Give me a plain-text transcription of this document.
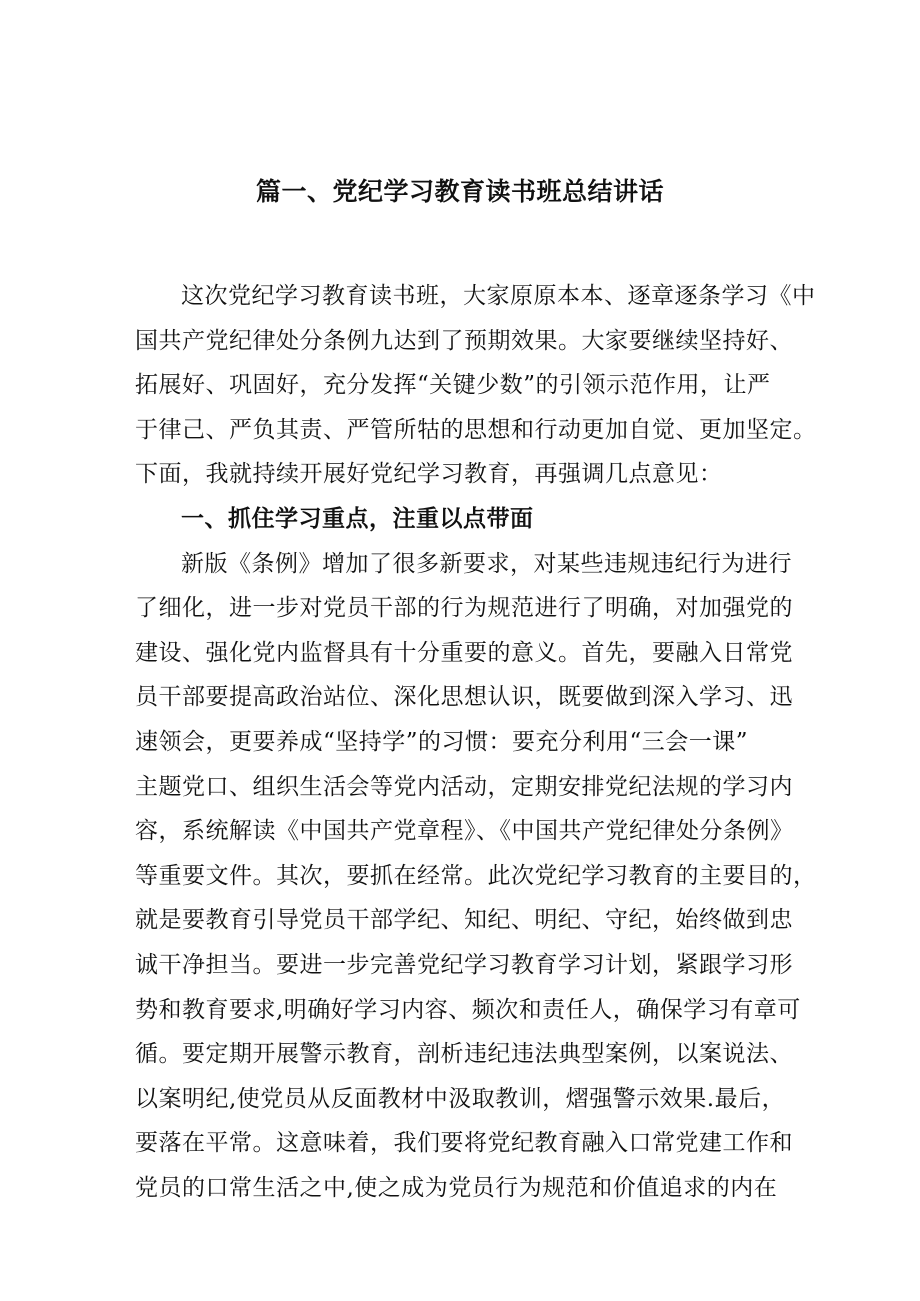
篇一、党纪学习教育读书班总结讲话
这次党纪学习教育读书班，大家原原本本、逐章逐条学习《中
国共产党纪律处分条例九达到了预期效果。大家要继续坚持好、
拓展好、巩固好，充分发挥“关键少数”的引领示范作用，让严
于律己、严负其责、严管所牯的思想和行动更加自觉、更加坚定。
下面，我就持续开展好党纪学习教育，再强调几点意见：
一、抓住学习重点，注重以点带面
新版《条例》增加了很多新要求，对某些违规违纪行为进行
了细化，进一步对党员干部的行为规范进行了明确，对加强党的
建设、强化党内监督具有十分重要的意义。首先，要融入日常党
员干部要提高政治站位、深化思想认识，既要做到深入学习、迅
速领会，更要养成“坚持学”的习惯：要充分利用“三会一课”
主题党口、组织生活会等党内活动，定期安排党纪法规的学习内
容，系统解读《中国共产党章程》、《中国共产党纪律处分条例》
等重要文件。其次，要抓在经常。此次党纪学习教育的主要目的，
就是要教育引导党员干部学纪、知纪、明纪、守纪，始终做到忠
诚干净担当。要进一步完善党纪学习教育学习计划，紧跟学习形
势和教育要求,明确好学习内容、频次和责任人，确保学习有章可
循。要定期开展警示教育，剖析违纪违法典型案例，以案说法、
以案明纪,使党员从反面教材中汲取教训，熠强警示效果.最后，
要落在平常。这意味着，我们要将党纪教育融入口常党建工作和
党员的口常生活之中,使之成为党员行为规范和价值追求的内在
